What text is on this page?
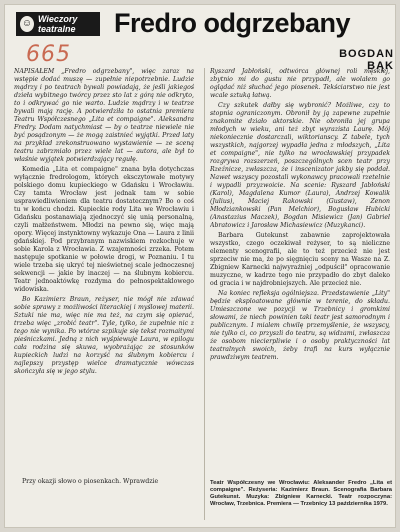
☺ Wieczory teatralne	Fredro odgrzebany
665	BOGDAN BĄK

NAPISAŁEM „Fredro odgrzebany", więc zaraz na wstępie dodać muszę — zupełnie niepotrzebnie. Ludzie mądrzy i po teatrach bywali powiadają, że jeśli jakiegoś dzieła wybitnego twórcy przez sto lat z górą nie odkryto, to i odkrywać go nie warto. Ludzie mądrzy i w teatrze bywali mają rację. A potwierdziła to ostatnia premiera Teatru Współczesnego „Lita et compaigne". Aleksandra Fredry. Dodam natychmiast — by o teatrze niewiele nie być posądzonym — że mogą zaistnieć wyjątki. Przed laty na przykład zrekonstruowano wystawienie — ze sceną teatru zabrzmiało przez wiele lat — autora, ale był to właśnie wyjątek potwierdzający regułę.

Komedia „Lita et compaigne" znana była dotychczas wyłącznie fredrologom, których eksczytowałe motywy polskiego domu kupieckiego w Gdańsku i Wrocławiu. Czy tamta Wrocław jest jednak tam w sobie usprawiedliwieniem dla teatru dostatecznym? Bo o coś tu w końcu chodzi. Kupieckie rody Lita we Wrocławiu i Gdańsku postanawiają zjednoczyć się unią personalną, czyli małżeństwem. Młodzi na pewno się, więc mają opory. Więcej instynktowny wykazuje Ona — Laura z linii gdańskiej. Pod przybranym nazwiskiem rozkochuje w sobie Karola z Wrocławia. Z wzajemności zrzeka. Potem następuje spotkanie w połowie drogi, w Poznaniu. I tu wiele trzeba się ukryć tej nieświetnej scale jednoczesnej sekwencji — jakie by inaczej — na ślubnym kobiercu. Teatr jednoaktówkę rozdyma do pełnospektaklowego widowiska.

Bo Kazimierz Braun, reżyser, nie mógł nie zdawać sobie sprawy z możliwości literackiej i myślowej materii. Sztuki nie ma, więc nie ma też, na czym się opierać, trzeba więc „zrobić teatr". Tyle, tylko, że zupełnie nic z tego nie wynika. Po wtórze szpikuje się tekst rozmaitymi pieśniczkami. Jedną z nich wyśpiewuje Laura, w epilogu cała rodzina się skuwa, wyobrażając ze stosunków kupieckich ludzi na korzyść na ślubnym kobiercu i najlepszy przystęp wielce dramatycznie wówczas skończyła się w jego stylu.

Przy okazji słowo o piosenkach. Wprawdzie

Ryszard Jabłoński, odtwórca głównej roli męskiej, zbytnio mi do gustu nie przypadł, ale wolałem go oglądać niż słuchać jego piosenek. Tekściarstwo nie jest wcale sztuką łatwą.

Czy szkutek dałby się wybronić? Możliwe, czy to stopnia ograniczonym. Obronił by ją zapewne zupełnie znakomite działo aktorskie. Nie obroniła jej grupa młodych w wieku, ani też zbyt wyrazista Laurę. Mój niekoniecznie dostarczali, wiktorianscy. Z tabele, tych wszystkich, najgorzej wypadła jedna z młodszych, „Lita et compaigne", nie tylko na wrocławskiej przypadek rozgrywa rozszerzeń, poszczególnych scen teatr przy Rzeźnicze, zwłaszcza, że i inscenizator jakby się poddał. Nawet wszyscy pozostali wykonawcy pracowali rzetelnie i wypadli przyzwoicie. Na scenie: Ryszard Jabłoński (Karol), Magdalena Kumor (Laura), Andrzej Kowalik (Julius), Maciej Rakowski (Gustaw), Zenon Młodziankowski (Pan Melchior), Bogusław Hubicki (Anastazius Maczek), Bogdan Misiewicz (Jan) Gabriel Abratowicz i Jarosław Michasiewicz (Muzykanci).

Barbara Gutekunst zabawnie zaprojektowała wszystko, czego oczekiwał reżyser, to są nieliczne elementy scenografii, ale to też przecież nie jest sprzeciw nie ma, że po sięgnięciu sceny na Wasze na Z. Zbigniew Karnecki najwyraźniej „odpuścił" opracowanie muzyczne, w kadrze tego nie przypadło do zbyt daleko od gracia i w najdrobniejszych. Ale przecież nie.

Na koniec refleksja ogólniejsza. Przedstawienie „Lity" będzie eksploatowane głównie w terenie, do składu. Umieszczone we pozycji w Trzebnicy i gromkimi słowami, że niech powinien taki teatr jest samorodnym i publicznym. I mialem chwilę przemyślenie, że wszyscy, nie tylko ci, co przyszli do teatru, są widzami, zwłaszcza że osobom niecierpliwie i o osoby praktyczności lat teatralnych swoich, żeby trafi na kurs wyłącznie prawdziwym teatrem.

Teatr Współczesny we Wrocławiu: Aleksander Fredro „Lita et compaigne". Reżyseria: Kazimierz Braun. Scenografia Barbara Gutekunst. Muzyka: Zbigniew Karnecki. Teatr rozpoczyna: Wrocław, Trzebnica. Premiera — Trzebnicy 13 października 1979.
